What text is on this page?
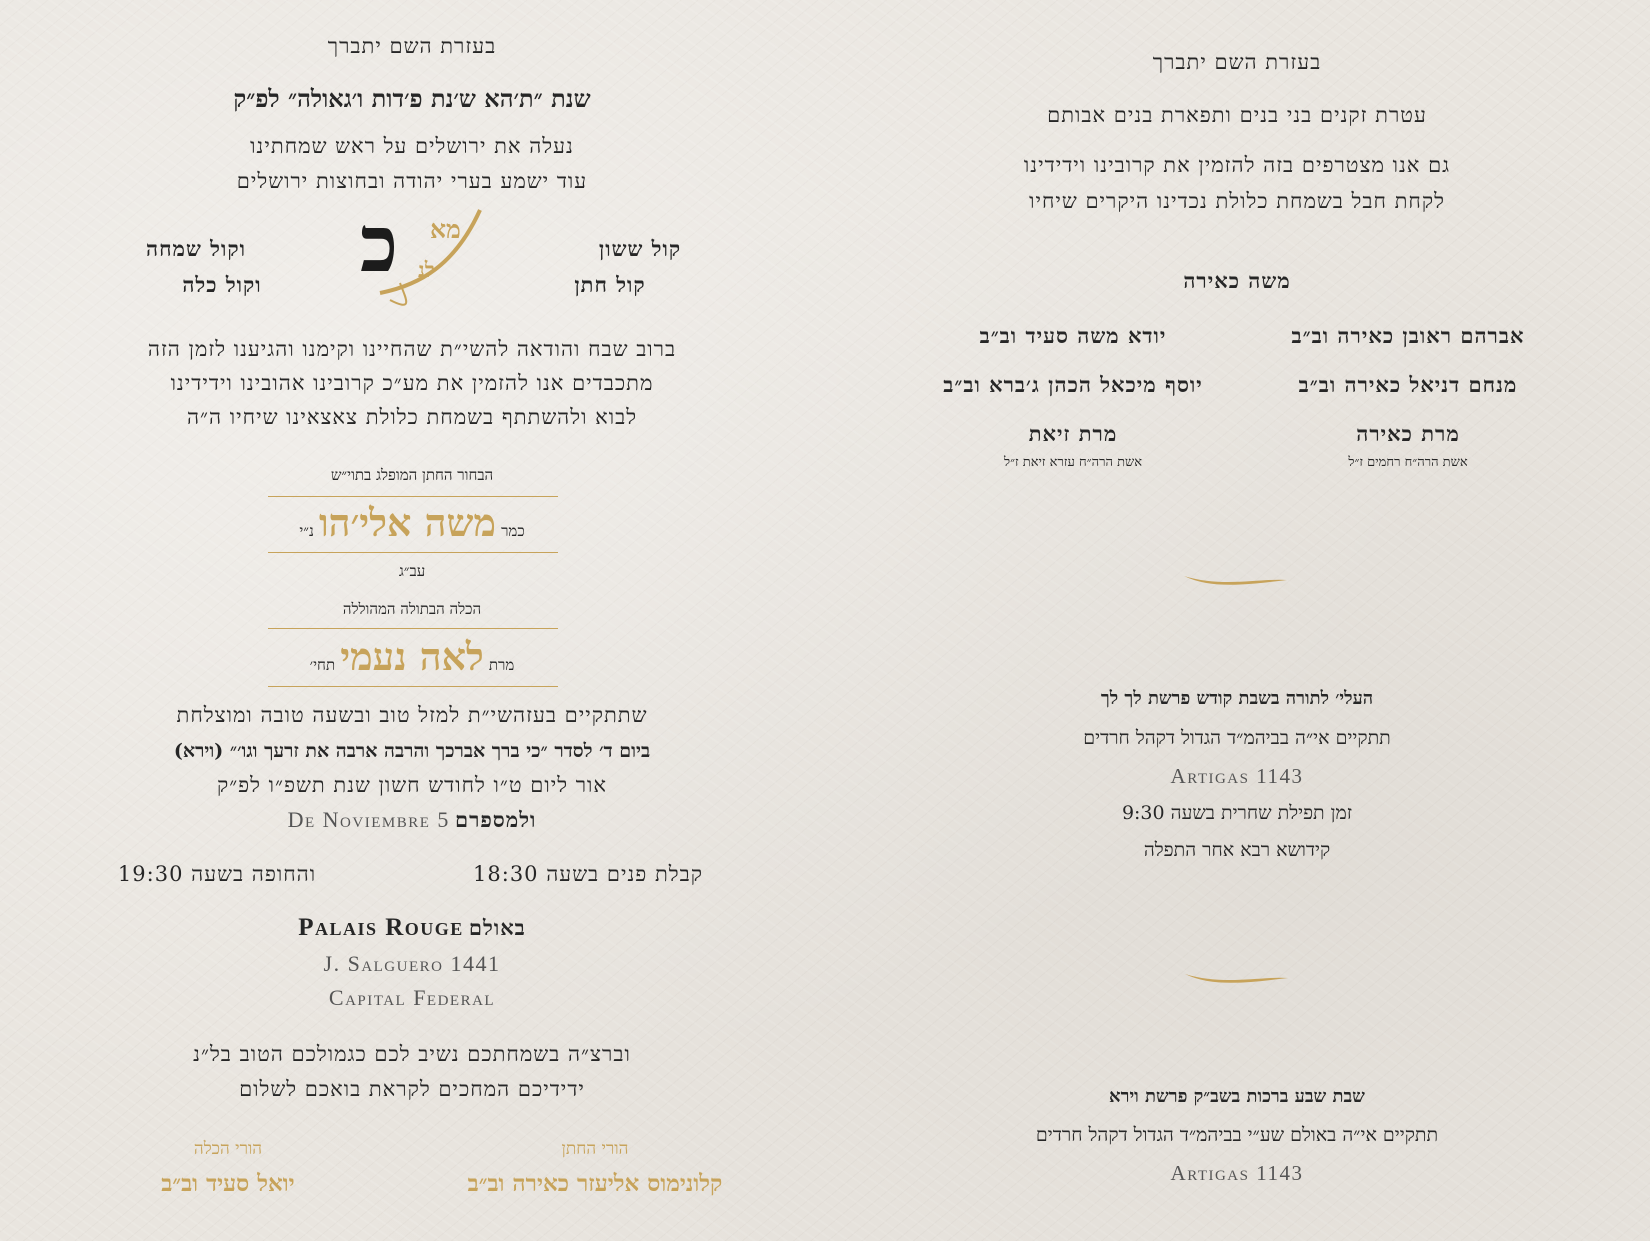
בעזרת השם יתברך
שנת ״ת׳הא ש׳נת פ׳דות ו׳גאולה״ לפ״ק
נעלה את ירושלים על ראש שמחתינו
עוד ישמע בערי יהודה ובחוצות ירושלים
קול ששון
קול חתן
וקול שמחה
וקול כלה כ מא
לנ
ברוב שבח והודאה להשי״ת שהחיינו וקימנו והגיענו לזמן הזה
מתכבדים אנו להזמין את מע״כ קרובינו אהובינו וידידינו
לבוא ולהשתתף בשמחת כלולת צאצאינו שיחיו ה״ה
הבחור החתן המופלג בתוי״ש
כמר משה אלי׳הו נ״י
עב״ג
הכלה הבתולה המהוללה
מרת לאה נעמי תחי׳
שתתקיים בעזהשי״ת למזל טוב ובשעה טובה ומוצלחת
ביום ד׳ לסדר ״כי ברך אברכך והרבה ארבה את זרעך וגו׳״ (וירא)
אור ליום ט״ו לחודש חשון שנת תשפ״ו לפ״ק
ולמספרם 5 De Noviembre
קבלת פנים בשעה 18:30
והחופה בשעה 19:30
באולם Palais Rouge
J. Salguero 1441
Capital Federal
וברצ״ה בשמחתכם נשיב לכם כגמולכם הטוב בל״נ
ידידיכם המחכים לקראת בואכם לשלום
הורי החתן
קלונימוס אליעזר כאירה וב״ב
הורי הכלה
יואל סעיד וב״ב
בעזרת השם יתברך
עטרת זקנים בני בנים ותפארת בנים אבותם
גם אנו מצטרפים בזה להזמין את קרובינו וידידינו
לקחת חבל בשמחת כלולת נכדינו היקרים שיחיו
משה כאירה
אברהם ראובן כאירה וב״ב
יודא משה סעיד וב״ב
מנחם דניאל כאירה וב״ב
יוסף מיכאל הכהן ג׳ברא וב״ב
מרת כאירה
אשת הרה״ח רחמים ז״ל
מרת זיאת
אשת הרה״ח עזרא זיאת ז״ל
העלי׳ לתורה בשבת קודש פרשת לך לך
תתקיים אי״ה בביהמ״ד הגדול דקהל חרדים
Artigas 1143
זמן תפילת שחרית בשעה 9:30
קידושא רבא אחר התפלה
שבת שבע ברכות בשב״ק פרשת וירא
תתקיים אי״ה באולם שע״י בביהמ״ד הגדול דקהל חרדים
Artigas 1143
